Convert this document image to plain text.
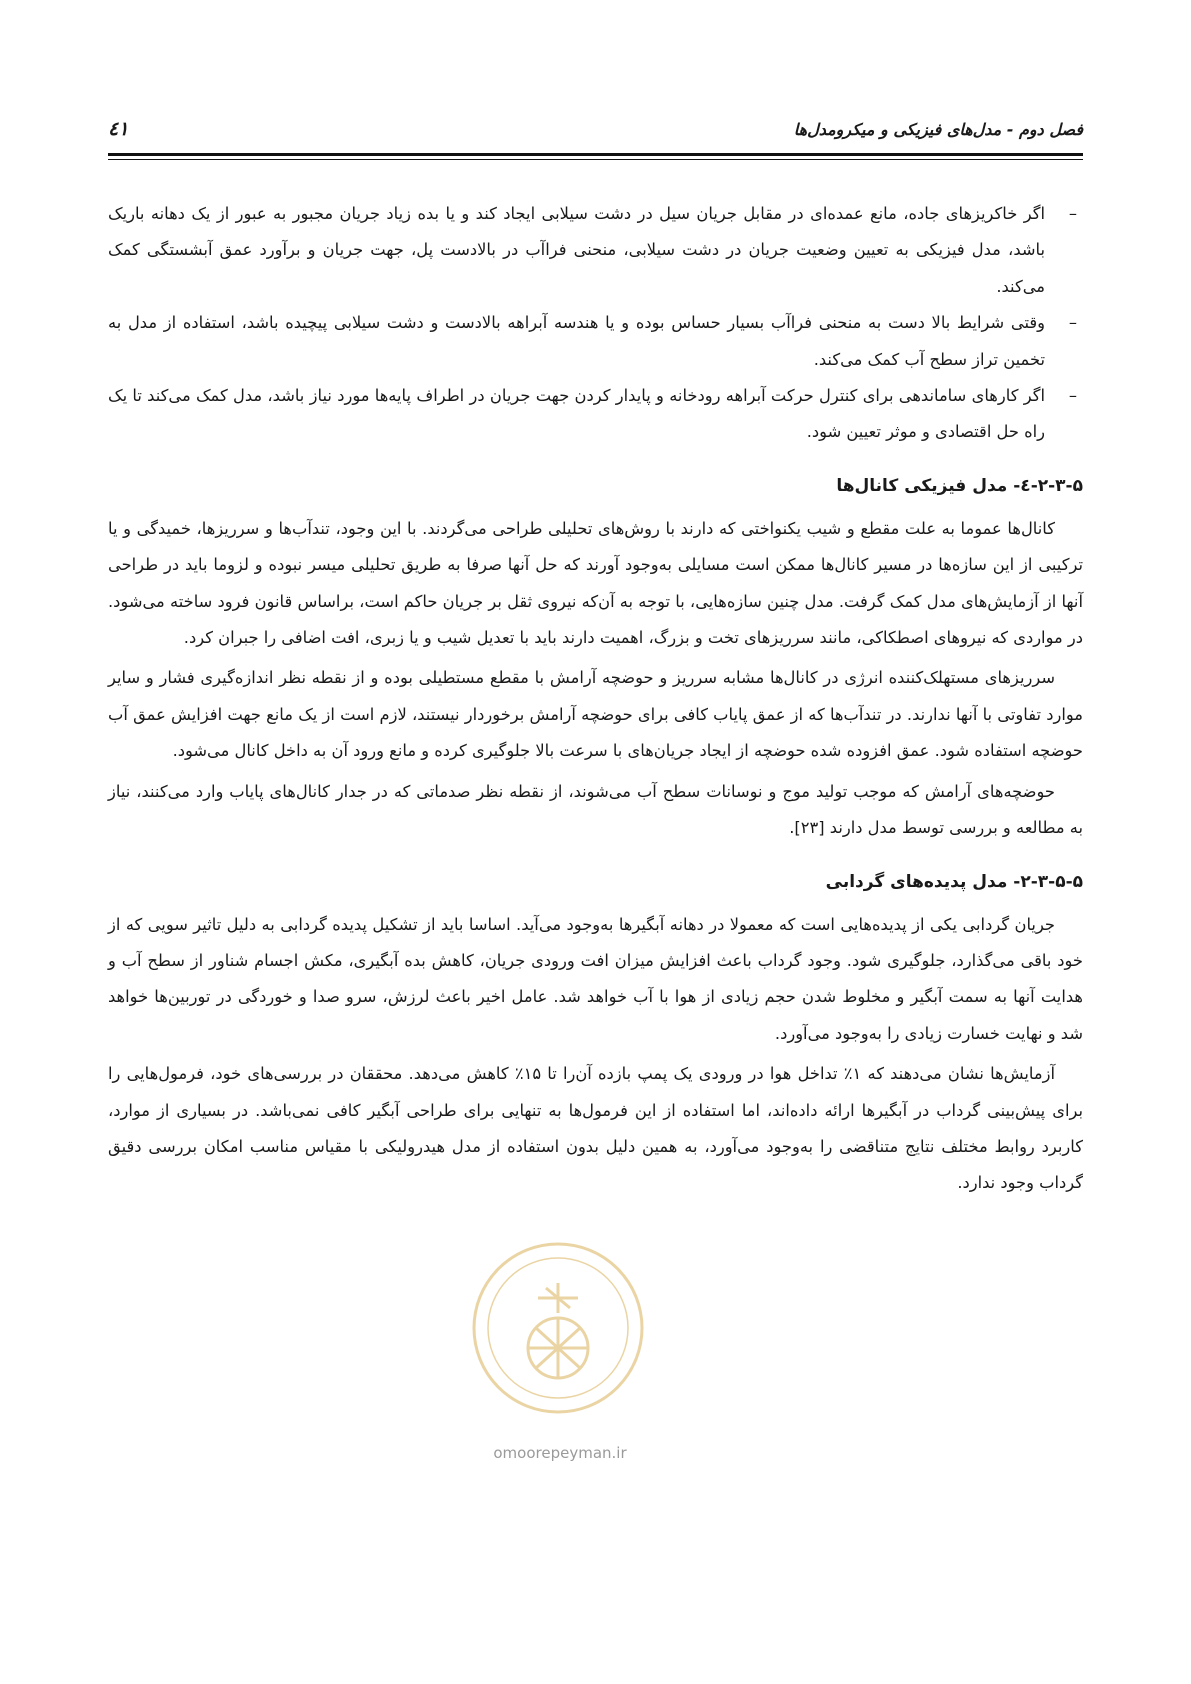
فصل دوم - مدل‌های فیزیکی و میکرومدل‌ها
٤١
–
اگر خاکریزهای جاده، مانع عمده‌ای در مقابل جریان سیل در دشت سیلابی ایجاد کند و یا بده زیاد جریان مجبور به عبور از یک دهانه باریک باشد، مدل فیزیکی به تعیین وضعیت جریان در دشت سیلابی، منحنی فراآب در بالادست پل، جهت جریان و برآورد عمق آبشستگی کمک می‌کند.
–
وقتی شرایط بالا دست به منحنی فراآب بسیار حساس بوده و یا هندسه آبراهه بالادست و دشت سیلابی پیچیده باشد، استفاده از مدل به تخمین تراز سطح آب کمک می‌کند.
–
اگر کارهای ساماندهی برای کنترل حرکت آبراهه رودخانه و پایدار کردن جهت جریان در اطراف پایه‌ها مورد نیاز باشد، مدل کمک می‌کند تا یک راه حل اقتصادی و موثر تعیین شود.
۲-۳-۵-٤- مدل فیزیکی کانال‌ها

کانال‌ها عموما به علت مقطع و شیب یکنواختی که دارند با روش‌های تحلیلی طراحی می‌گردند. با این وجود، تندآب‌ها و سرریزها، خمیدگی و یا ترکیبی از این سازه‌ها در مسیر کانال‌ها ممکن است مسایلی به‌وجود آورند که حل آنها صرفا به طریق تحلیلی میسر نبوده و لزوما باید در طراحی آنها از آزمایش‌های مدل کمک گرفت. مدل چنین سازه‌هایی، با توجه به آن‌که نیروی ثقل بر جریان حاکم است، براساس قانون فرود ساخته می‌شود. در مواردی که نیروهای اصطکاکی، مانند سرریزهای تخت و بزرگ، اهمیت دارند باید با تعدیل شیب و یا زبری، افت اضافی را جبران کرد.

سرریزهای مستهلک‌کننده انرژی در کانال‌ها مشابه سرریز و حوضچه آرامش با مقطع مستطیلی بوده و از نقطه نظر اندازه‌گیری فشار و سایر موارد تفاوتی با آنها ندارند. در تندآب‌ها که از عمق پایاب کافی برای حوضچه آرامش برخوردار نیستند، لازم است از یک مانع جهت افزایش عمق آب حوضچه استفاده شود. عمق افزوده شده حوضچه از ایجاد جریان‌های با سرعت بالا جلوگیری کرده و مانع ورود آن به داخل کانال می‌شود.

حوضچه‌های آرامش که موجب تولید موج و نوسانات سطح آب می‌شوند، از نقطه نظر صدماتی که در جدار کانال‌های پایاب وارد می‌کنند، نیاز به مطالعه و بررسی توسط مدل دارند [۲۳].

۲-۳-۵-۵- مدل پدیده‌های گردابی

جریان گردابی یکی از پدیده‌هایی است که معمولا در دهانه آبگیرها به‌وجود می‌آید. اساسا باید از تشکیل پدیده گردابی به دلیل تاثیر سویی که از خود باقی می‌گذارد، جلوگیری شود. وجود گرداب باعث افزایش میزان افت ورودی جریان، کاهش بده آبگیری، مکش اجسام شناور از سطح آب و هدایت آنها به سمت آبگیر و مخلوط شدن حجم زیادی از هوا با آب خواهد شد. عامل اخیر باعث لرزش، سرو صدا و خوردگی در توربین‌ها خواهد شد و نهایت خسارت زیادی را به‌وجود می‌آورد.

آزمایش‌ها نشان می‌دهند که ۱٪ تداخل هوا در ورودی یک پمپ بازده آن‌را تا ۱۵٪ کاهش می‌دهد. محققان در بررسی‌های خود، فرمول‌هایی را برای پیش‌بینی گرداب در آبگیرها ارائه داده‌اند، اما استفاده از این فرمول‌ها به تنهایی برای طراحی آبگیر کافی نمی‌باشد. در بسیاری از موارد، کاربرد روابط مختلف نتایج متناقضی را به‌وجود می‌آورد، به همین دلیل بدون استفاده از مدل هیدرولیکی با مقیاس مناسب امکان بررسی دقیق گرداب وجود ندارد.

omoorepeyman.ir
